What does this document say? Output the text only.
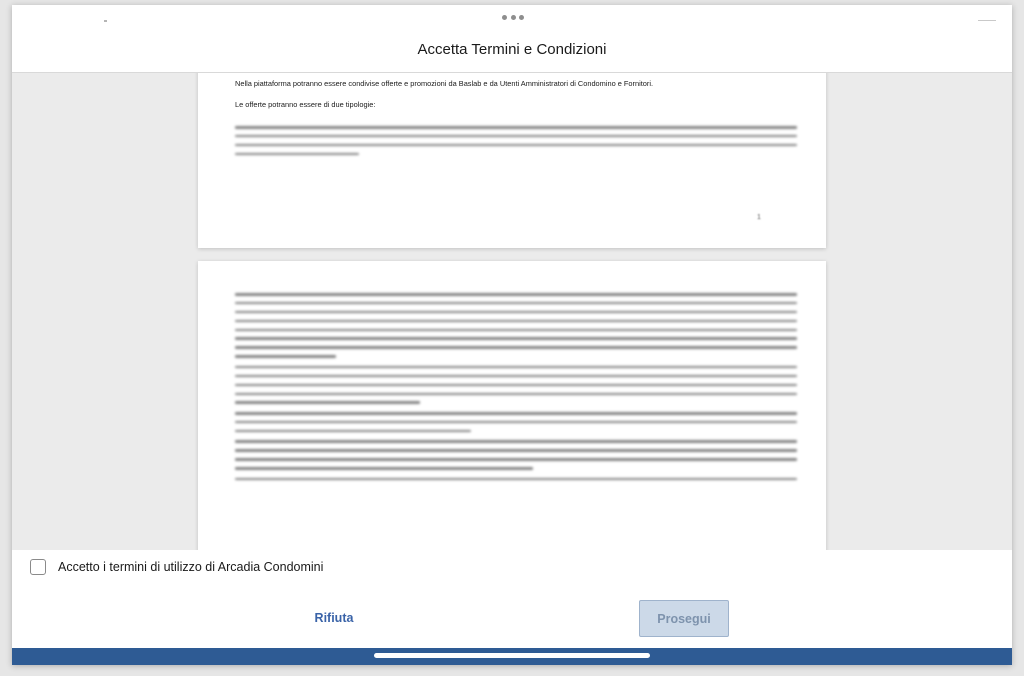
Accetta Termini e Condizioni
Nella piattaforma potranno essere condivise offerte e promozioni da Baslab e da Utenti Amministratori di Condomino e Fornitori.
Le offerte potranno essere di due tipologie:
1
Accetto i termini di utilizzo di Arcadia Condomini
Rifiuta	Prosegui
